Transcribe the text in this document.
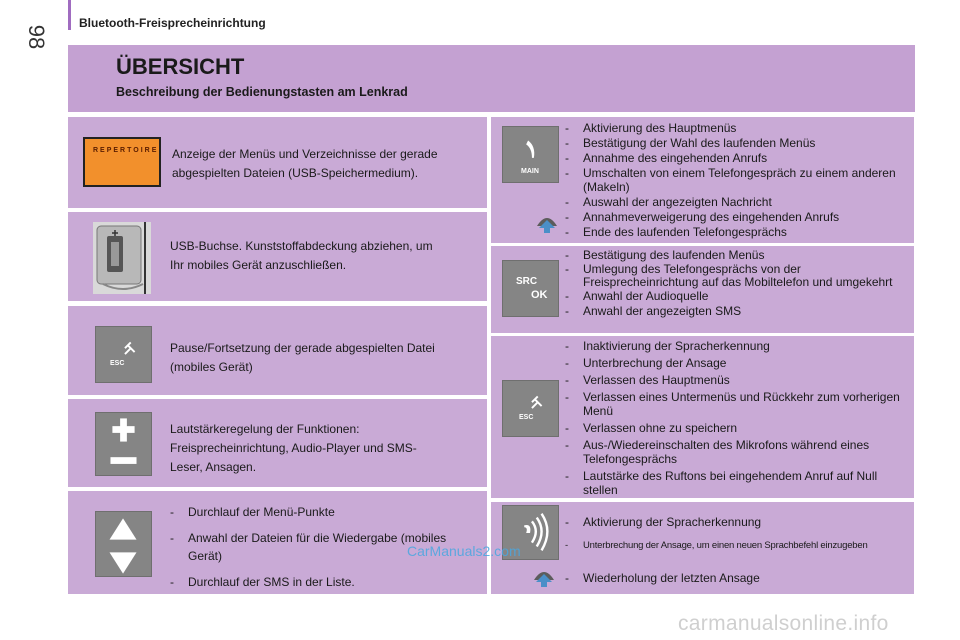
98
Bluetooth-Freisprecheinrichtung
ÜBERSICHT
Beschreibung der Bedienungstasten am Lenkrad
REPERTOIRE Anzeige der Menüs und Verzeichnisse der gerade
abgespielten Dateien (USB-Speichermedium).
USB-Buchse. Kunststoffabdeckung abziehen, um
Ihr mobiles Gerät anzuschließen.
ESC
Pause/Fortsetzung der gerade abgespielten Datei
(mobiles Gerät)
Lautstärkeregelung der Funktionen:
Freisprecheinrichtung, Audio-Player und SMS-
Leser, Ansagen.
- Durchlauf der Menü-Punkte
- Anwahl der Dateien für die Wiedergabe (mobiles Gerät)
- Durchlauf der SMS in der Liste.
MAIN
- Aktivierung des Hauptmenüs
- Bestätigung der Wahl des laufenden Menüs
- Annahme des eingehenden Anrufs
- Umschalten von einem Telefongespräch zu einem anderen (Makeln)
- Auswahl der angezeigten Nachricht
- Annahmeverweigerung des eingehenden Anrufs
- Ende des laufenden Telefongesprächs
SRC
OK
- Bestätigung des laufenden Menüs
- Umlegung des Telefongesprächs von der Freisprecheinrichtung auf das Mobiltelefon und umgekehrt
- Anwahl der Audioquelle
- Anwahl der angezeigten SMS
ESC
- Inaktivierung der Spracherkennung
- Unterbrechung der Ansage
- Verlassen des Hauptmenüs
- Verlassen eines Untermenüs und Rückkehr zum vorherigen Menü
- Verlassen ohne zu speichern
- Aus-/Wiedereinschalten des Mikrofons während eines Telefongesprächs
- Lautstärke des Ruftons bei eingehendem Anruf auf Null stellen
- Aktivierung der Spracherkennung
- Unterbrechung der Ansage, um einen neuen Sprachbefehl einzugeben
- Wiederholung der letzten Ansage
CarManuals2.com
carmanualsonline.info
